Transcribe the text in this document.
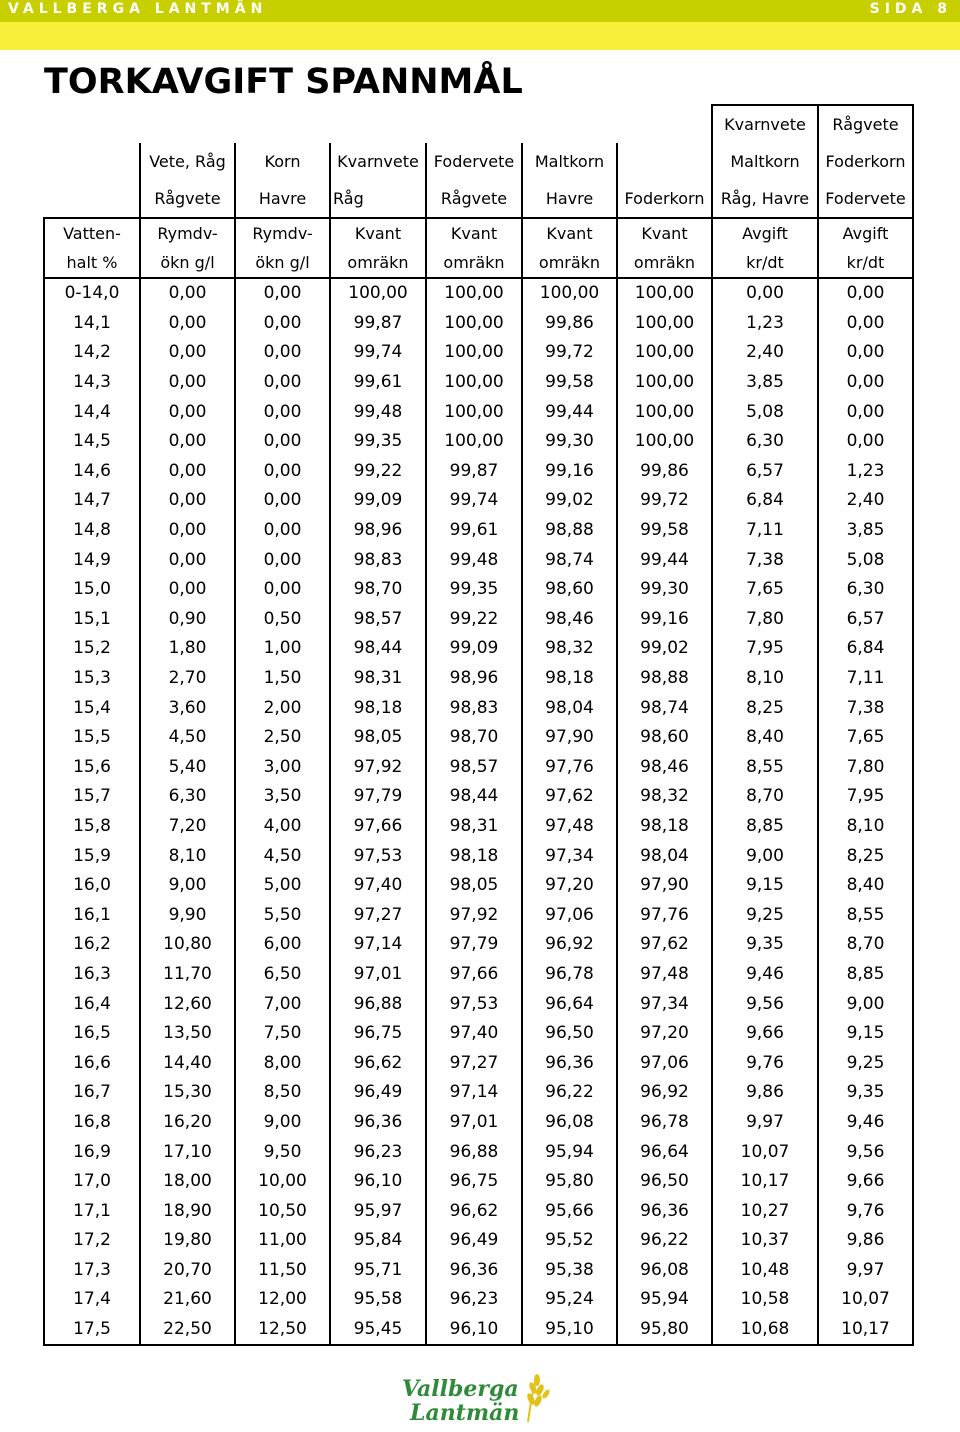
VALLBERGA LANTMÄN	SIDA 8
TORKAVGIFT SPANNMÅL
							Kvarnvete	Rågvete
	Vete, Råg	Korn	Kvarnvete	Fodervete	Maltkorn		Maltkorn	Foderkorn
	Rågvete	Havre	Råg	Rågvete	Havre	Foderkorn	Råg, Havre	Fodervete
Vatten-	Rymdv-	Rymdv-	Kvant	Kvant	Kvant	Kvant	Avgift	Avgift
halt %	ökn g/l	ökn g/l	omräkn	omräkn	omräkn	omräkn	kr/dt	kr/dt
0-14,0	0,00	0,00	100,00	100,00	100,00	100,00	0,00	0,00
14,1	0,00	0,00	99,87	100,00	99,86	100,00	1,23	0,00
14,2	0,00	0,00	99,74	100,00	99,72	100,00	2,40	0,00
14,3	0,00	0,00	99,61	100,00	99,58	100,00	3,85	0,00
14,4	0,00	0,00	99,48	100,00	99,44	100,00	5,08	0,00
14,5	0,00	0,00	99,35	100,00	99,30	100,00	6,30	0,00
14,6	0,00	0,00	99,22	99,87	99,16	99,86	6,57	1,23
14,7	0,00	0,00	99,09	99,74	99,02	99,72	6,84	2,40
14,8	0,00	0,00	98,96	99,61	98,88	99,58	7,11	3,85
14,9	0,00	0,00	98,83	99,48	98,74	99,44	7,38	5,08
15,0	0,00	0,00	98,70	99,35	98,60	99,30	7,65	6,30
15,1	0,90	0,50	98,57	99,22	98,46	99,16	7,80	6,57
15,2	1,80	1,00	98,44	99,09	98,32	99,02	7,95	6,84
15,3	2,70	1,50	98,31	98,96	98,18	98,88	8,10	7,11
15,4	3,60	2,00	98,18	98,83	98,04	98,74	8,25	7,38
15,5	4,50	2,50	98,05	98,70	97,90	98,60	8,40	7,65
15,6	5,40	3,00	97,92	98,57	97,76	98,46	8,55	7,80
15,7	6,30	3,50	97,79	98,44	97,62	98,32	8,70	7,95
15,8	7,20	4,00	97,66	98,31	97,48	98,18	8,85	8,10
15,9	8,10	4,50	97,53	98,18	97,34	98,04	9,00	8,25
16,0	9,00	5,00	97,40	98,05	97,20	97,90	9,15	8,40
16,1	9,90	5,50	97,27	97,92	97,06	97,76	9,25	8,55
16,2	10,80	6,00	97,14	97,79	96,92	97,62	9,35	8,70
16,3	11,70	6,50	97,01	97,66	96,78	97,48	9,46	8,85
16,4	12,60	7,00	96,88	97,53	96,64	97,34	9,56	9,00
16,5	13,50	7,50	96,75	97,40	96,50	97,20	9,66	9,15
16,6	14,40	8,00	96,62	97,27	96,36	97,06	9,76	9,25
16,7	15,30	8,50	96,49	97,14	96,22	96,92	9,86	9,35
16,8	16,20	9,00	96,36	97,01	96,08	96,78	9,97	9,46
16,9	17,10	9,50	96,23	96,88	95,94	96,64	10,07	9,56
17,0	18,00	10,00	96,10	96,75	95,80	96,50	10,17	9,66
17,1	18,90	10,50	95,97	96,62	95,66	96,36	10,27	9,76
17,2	19,80	11,00	95,84	96,49	95,52	96,22	10,37	9,86
17,3	20,70	11,50	95,71	96,36	95,38	96,08	10,48	9,97
17,4	21,60	12,00	95,58	96,23	95,24	95,94	10,58	10,07
17,5	22,50	12,50	95,45	96,10	95,10	95,80	10,68	10,17
Vallberga
Lantmän
